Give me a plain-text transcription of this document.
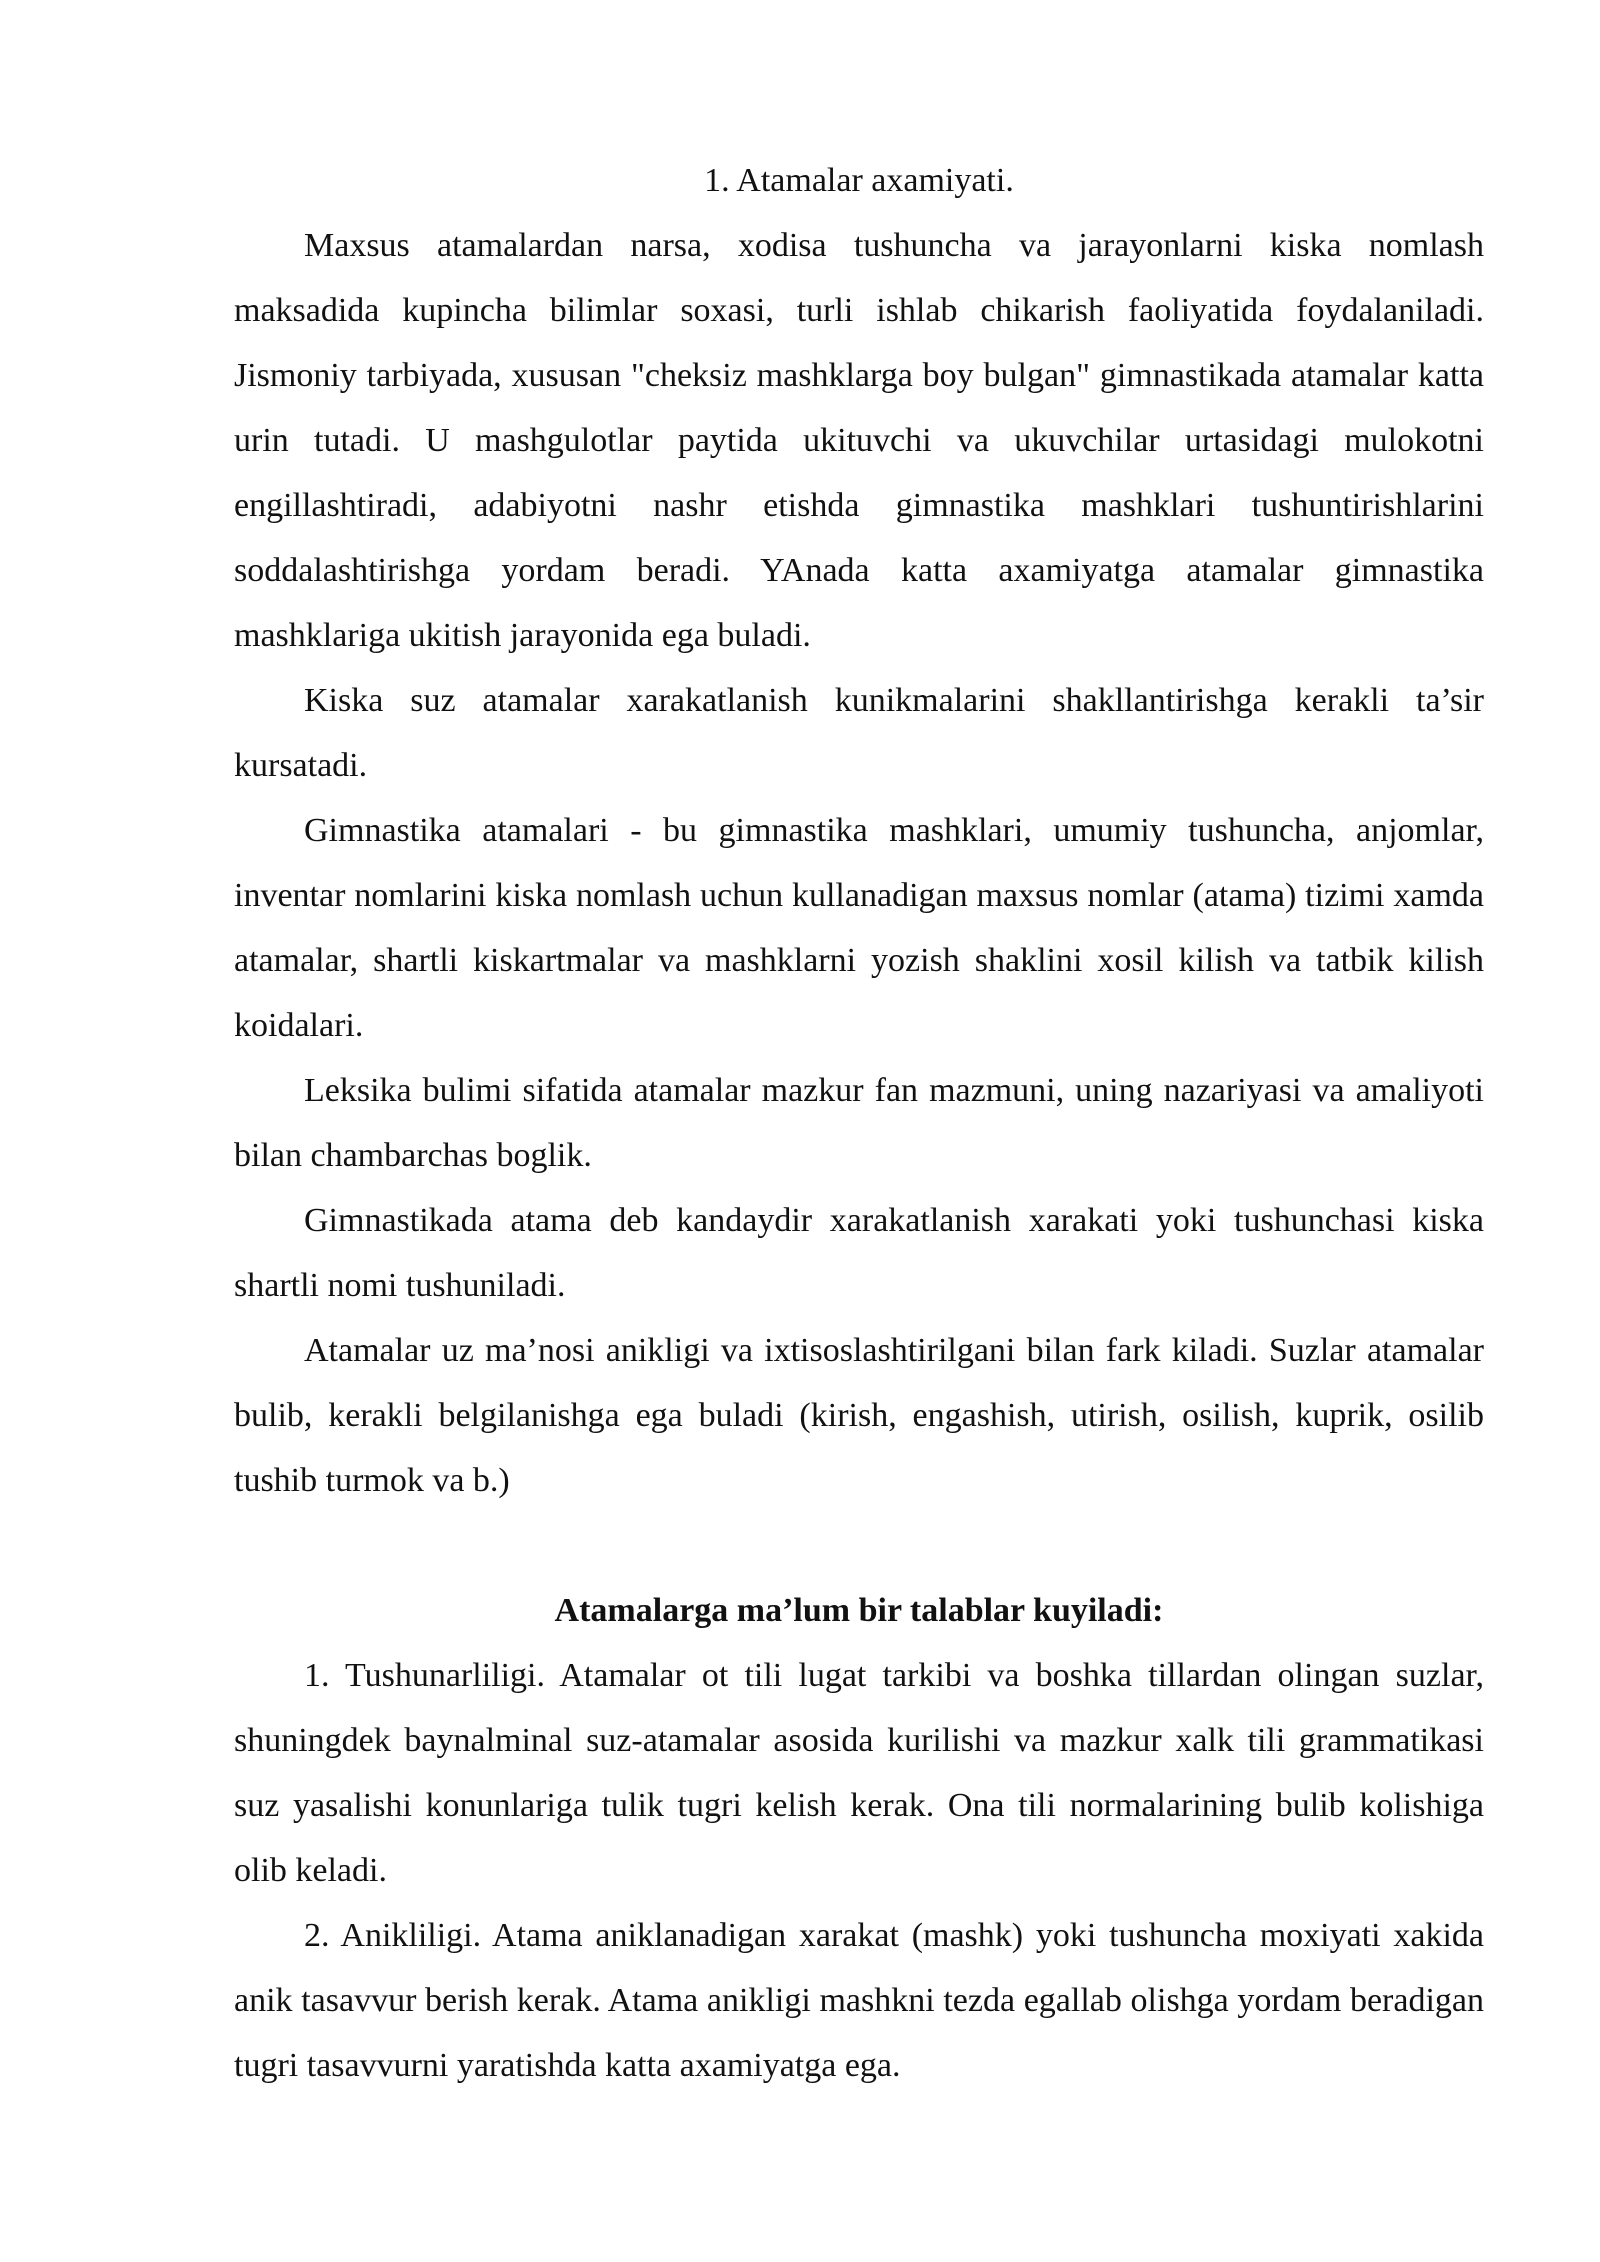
1. Atamalar axamiyati.

Maxsus atamalardan narsa, xodisa tushuncha va jarayonlarni kiska nomlash maksadida kupincha bilimlar soxasi, turli ishlab chikarish faoliyatida foydalaniladi. Jismoniy tarbiyada, xususan "cheksiz mashklarga boy bulgan" gimnastikada atamalar katta urin tutadi. U mashgulotlar paytida ukituvchi va ukuvchilar urtasidagi mulokotni engillashtiradi, adabiyotni nashr etishda gimnastika mashklari tushuntirishlarini soddalashtirishga yordam beradi. YAnada katta axamiyatga atamalar gimnastika mashklariga ukitish jarayonida ega buladi.

Kiska suz atamalar xarakatlanish kunikmalarini shakllantirishga kerakli ta’sir kursatadi.

Gimnastika atamalari - bu gimnastika mashklari, umumiy tushuncha, anjomlar, inventar nomlarini kiska nomlash uchun kullanadigan maxsus nomlar (atama) tizimi xamda atamalar, shartli kiskartmalar va mashklarni yozish shaklini xosil kilish va tatbik kilish koidalari.

Leksika bulimi sifatida atamalar mazkur fan mazmuni, uning nazariyasi va amaliyoti bilan chambarchas boglik.

Gimnastikada atama deb kandaydir xarakatlanish xarakati yoki tushunchasi kiska shartli nomi tushuniladi.

Atamalar uz ma’nosi anikligi va ixtisoslashtirilgani bilan fark kiladi. Suzlar atamalar bulib, kerakli belgilanishga ega buladi (kirish, engashish, utirish, osilish, kuprik, osilib tushib turmok va b.)

Atamalarga ma’lum bir talablar kuyiladi:

1. Tushunarliligi. Atamalar ot tili lugat tarkibi va boshka tillardan olingan suzlar, shuningdek baynalminal suz-atamalar asosida kurilishi va mazkur xalk tili grammatikasi suz yasalishi konunlariga tulik tugri kelish kerak. Ona tili normalarining bulib kolishiga olib keladi.

2. Anikliligi. Atama aniklanadigan xarakat (mashk) yoki tushuncha moxiyati xakida anik tasavvur berish kerak. Atama anikligi mashkni tezda egallab olishga yordam beradigan tugri tasavvurni yaratishda katta axamiyatga ega.
